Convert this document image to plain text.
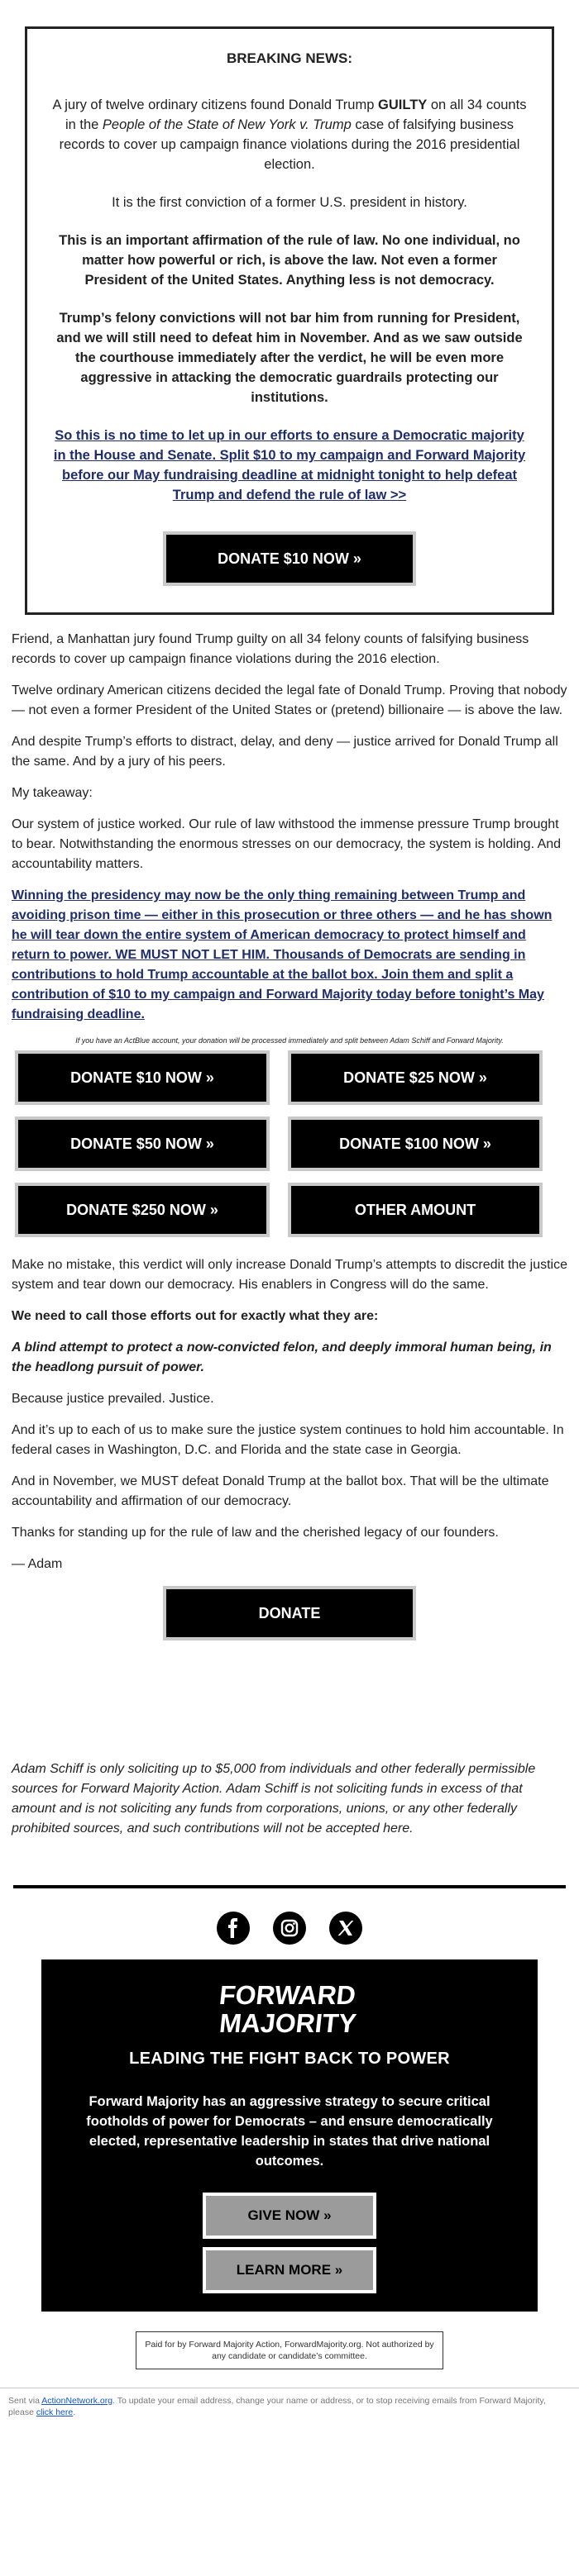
BREAKING NEWS:

A jury of twelve ordinary citizens found Donald Trump GUILTY on all 34 counts in the People of the State of New York v. Trump case of falsifying business records to cover up campaign finance violations during the 2016 presidential election.

It is the first conviction of a former U.S. president in history.

This is an important affirmation of the rule of law. No one individual, no matter how powerful or rich, is above the law. Not even a former President of the United States. Anything less is not democracy.

Trump’s felony convictions will not bar him from running for President, and we will still need to defeat him in November. And as we saw outside the courthouse immediately after the verdict, he will be even more aggressive in attacking the democratic guardrails protecting our institutions.

So this is no time to let up in our efforts to ensure a Democratic majority in the House and Senate. Split $10 to my campaign and Forward Majority before our May fundraising deadline at midnight tonight to help defeat Trump and defend the rule of law >>
DONATE $10 NOW »

Friend, a Manhattan jury found Trump guilty on all 34 felony counts of falsifying business records to cover up campaign finance violations during the 2016 election.

Twelve ordinary American citizens decided the legal fate of Donald Trump. Proving that nobody — not even a former President of the United States or (pretend) billionaire — is above the law.

And despite Trump’s efforts to distract, delay, and deny — justice arrived for Donald Trump all the same. And by a jury of his peers.

My takeaway:

Our system of justice worked. Our rule of law withstood the immense pressure Trump brought to bear. Notwithstanding the enormous stresses on our democracy, the system is holding. And accountability matters.

Winning the presidency may now be the only thing remaining between Trump and avoiding prison time — either in this prosecution or three others — and he has shown he will tear down the entire system of American democracy to protect himself and return to power. WE MUST NOT LET HIM. Thousands of Democrats are sending in contributions to hold Trump accountable at the ballot box. Join them and split a contribution of $10 to my campaign and Forward Majority today before tonight’s May fundraising deadline.
If you have an ActBlue account, your donation will be processed immediately and split between Adam Schiff and Forward Majority.
DONATE $10 NOW »	DONATE $25 NOW »
DONATE $50 NOW »	DONATE $100 NOW »
DONATE $250 NOW »	OTHER AMOUNT

Make no mistake, this verdict will only increase Donald Trump’s attempts to discredit the justice system and tear down our democracy. His enablers in Congress will do the same.

We need to call those efforts out for exactly what they are:

A blind attempt to protect a now-convicted felon, and deeply immoral human being, in the headlong pursuit of power.

Because justice prevailed. Justice.

And it’s up to each of us to make sure the justice system continues to hold him accountable. In federal cases in Washington, D.C. and Florida and the state case in Georgia.

And in November, we MUST defeat Donald Trump at the ballot box. That will be the ultimate accountability and affirmation of our democracy.

Thanks for standing up for the rule of law and the cherished legacy of our founders.

— Adam

DONATE

Adam Schiff is only soliciting up to $5,000 from individuals and other federally permissible sources for Forward Majority Action. Adam Schiff is not soliciting funds in excess of that amount and is not soliciting any funds from corporations, unions, or any other federally prohibited sources, and such contributions will not be accepted here.

FORWARD
MAJORITY
LEADING THE FIGHT BACK TO POWER
Forward Majority has an aggressive strategy to secure critical footholds of power for Democrats – and ensure democratically elected, representative leadership in states that drive national outcomes.
GIVE NOW »
LEARN MORE »
Paid for by Forward Majority Action, ForwardMajority.org. Not authorized by any candidate or candidate’s committee.
Sent via ActionNetwork.org. To update your email address, change your name or address, or to stop receiving emails from Forward Majority, please click here.
